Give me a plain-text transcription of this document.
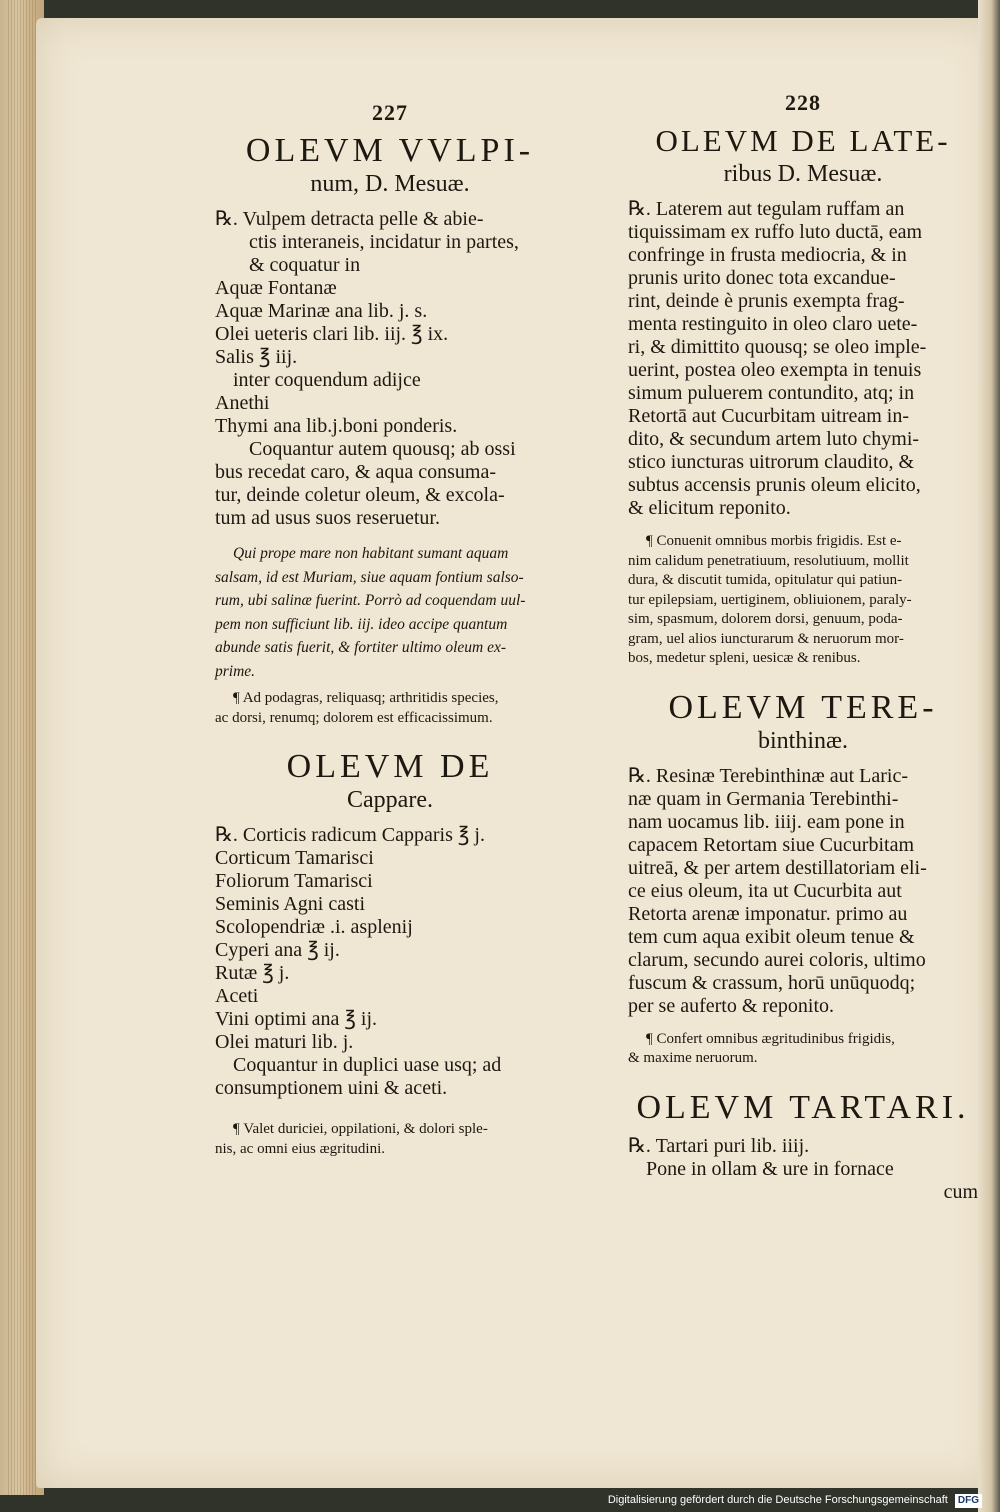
227
OLEVM VVLPI-
num, D. Mesuæ.
℞. Vulpem detracta pelle & abie-
ctis interaneis, incidatur in partes,
& coquatur in
Aquæ Fontanæ
Aquæ Marinæ ana lib. j. s.
Olei ueteris clari lib. iij. ℥ ix.
Salis ℥ iij.
inter coquendum adijce
Anethi
Thymi ana lib.j.boni ponderis.
Coquantur autem quousq; ab ossi
bus recedat caro, & aqua consuma-
tur, deinde coletur oleum, & excola-
tum ad usus suos reseruetur.
Qui prope mare non habitant sumant aquam
salsam, id est Muriam, siue aquam fontium salso-
rum, ubi salinæ fuerint. Porrò ad coquendam uul-
pem non sufficiunt lib. iij. ideo accipe quantum
abunde satis fuerit, & fortiter ultimo oleum ex-
prime.
¶ Ad podagras, reliquasq; arthritidis species,
ac dorsi, renumq; dolorem est efficacissimum.
OLEVM DE
Cappare.
℞. Corticis radicum Capparis ℥ j.
Corticum Tamarisci
Foliorum Tamarisci
Seminis Agni casti
Scolopendriæ .i. asplenij
Cyperi ana ℥ ij.
Rutæ ℥ j.
Aceti
Vini optimi ana ℥ ij.
Olei maturi lib. j.
Coquantur in duplici uase usq; ad
consumptionem uini & aceti.
¶ Valet duriciei, oppilationi, & dolori sple-
nis, ac omni eius ægritudini.
228
OLEVM DE LATE-
ribus D. Mesuæ.
℞. Laterem aut tegulam ruffam an
tiquissimam ex ruffo luto ductā, eam
confringe in frusta mediocria, & in
prunis urito donec tota excandue-
rint, deinde è prunis exempta frag-
menta restinguito in oleo claro uete-
ri, & dimittito quousq; se oleo imple-
uerint, postea oleo exempta in tenuis
simum puluerem contundito, atq; in
Retortā aut Cucurbitam uitream in-
dito, & secundum artem luto chymi-
stico iuncturas uitrorum claudito, &
subtus accensis prunis oleum elicito,
& elicitum reponito.
¶ Conuenit omnibus morbis frigidis. Est e-
nim calidum penetratiuum, resolutiuum, mollit
dura, & discutit tumida, opitulatur qui patiun-
tur epilepsiam, uertiginem, obliuionem, paraly-
sim, spasmum, dolorem dorsi, genuum, poda-
gram, uel alios iuncturarum & neruorum mor-
bos, medetur spleni, uesicæ & renibus.
OLEVM TERE-
binthinæ.
℞. Resinæ Terebinthinæ aut Laric-
næ quam in Germania Terebinthi-
nam uocamus lib. iiij. eam pone in
capacem Retortam siue Cucurbitam
uitreā, & per artem destillatoriam eli-
ce eius oleum, ita ut Cucurbita aut
Retorta arenæ imponatur. primo au
tem cum aqua exibit oleum tenue &
clarum, secundo aurei coloris, ultimo
fuscum & crassum, horū unūquodq;
per se auferto & reponito.
¶ Confert omnibus ægritudinibus frigidis,
& maxime neruorum.
OLEVM TARTARI.
℞. Tartari puri lib. iiij.
Pone in ollam & ure in fornace
cum
Digitalisierung gefördert durch die Deutsche Forschungsgemeinschaft DFG
